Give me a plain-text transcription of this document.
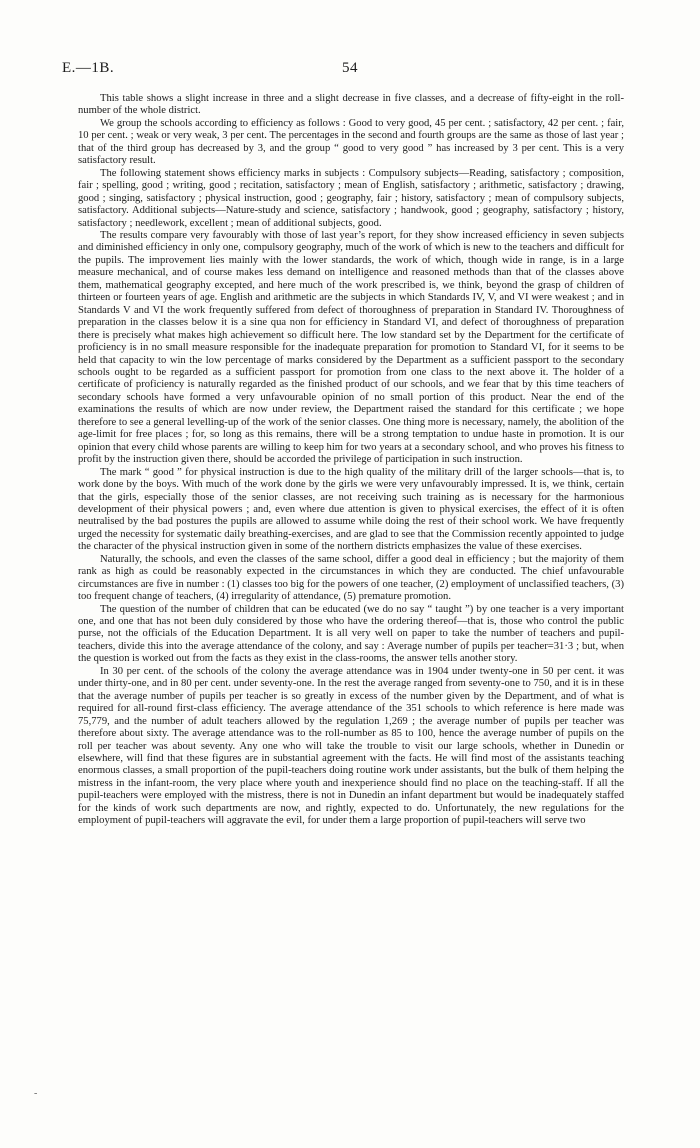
E.—1B.	54

This table shows a slight increase in three and a slight decrease in five classes, and a decrease of fifty-eight in the roll-number of the whole district.

We group the schools according to efficiency as follows : Good to very good, 45 per cent. ; satisfactory, 42 per cent. ; fair, 10 per cent. ; weak or very weak, 3 per cent. The percentages in the second and fourth groups are the same as those of last year ; that of the third group has decreased by 3, and the group “ good to very good ” has increased by 3 per cent. This is a very satisfactory result.

The following statement shows efficiency marks in subjects : Compulsory subjects—Reading, satisfactory ; composition, fair ; spelling, good ; writing, good ; recitation, satisfactory ; mean of English, satisfactory ; arithmetic, satisfactory ; drawing, good ; singing, satisfactory ; physical instruction, good ; geography, fair ; history, satisfactory ; mean of compulsory subjects, satisfactory. Additional subjects—Nature-study and science, satisfactory ; handwook, good ; geography, satisfactory ; history, satisfactory ; needlework, excellent ; mean of additional subjects, good.

The results compare very favourably with those of last year’s report, for they show increased efficiency in seven subjects and diminished efficiency in only one, compulsory geography, much of the work of which is new to the teachers and difficult for the pupils. The improvement lies mainly with the lower standards, the work of which, though wide in range, is in a large measure mechanical, and of course makes less demand on intelligence and reasoned methods than that of the classes above them, mathematical geography excepted, and here much of the work prescribed is, we think, beyond the grasp of children of thirteen or fourteen years of age. English and arithmetic are the subjects in which Standards IV, V, and VI were weakest ; and in Standards V and VI the work frequently suffered from defect of thoroughness of preparation in Standard IV. Thoroughness of preparation in the classes below it is a sine qua non for efficiency in Standard VI, and defect of thoroughness of preparation there is precisely what makes high achievement so difficult here. The low standard set by the Department for the certificate of proficiency is in no small measure responsible for the inadequate preparation for promotion to Standard VI, for it seems to be held that capacity to win the low percentage of marks considered by the Department as a sufficient passport to the secondary schools ought to be regarded as a sufficient passport for promotion from one class to the next above it. The holder of a certificate of proficiency is naturally regarded as the finished product of our schools, and we fear that by this time teachers of secondary schools have formed a very unfavourable opinion of no small portion of this product. Near the end of the examinations the results of which are now under review, the Department raised the standard for this certificate ; we hope therefore to see a general levelling-up of the work of the senior classes. One thing more is necessary, namely, the abolition of the age-limit for free places ; for, so long as this remains, there will be a strong temptation to undue haste in promotion. It is our opinion that every child whose parents are willing to keep him for two years at a secondary school, and who proves his fitness to profit by the instruction given there, should be accorded the privilege of participation in such instruction.

The mark “ good ” for physical instruction is due to the high quality of the military drill of the larger schools—that is, to work done by the boys. With much of the work done by the girls we were very unfavourably impressed. It is, we think, certain that the girls, especially those of the senior classes, are not receiving such training as is necessary for the harmonious development of their physical powers ; and, even where due attention is given to physical exercises, the effect of it is often neutralised by the bad postures the pupils are allowed to assume while doing the rest of their school work. We have frequently urged the necessity for systematic daily breathing-exercises, and are glad to see that the Commission recently appointed to judge the character of the physical instruction given in some of the northern districts emphasizes the value of these exercises.

Naturally, the schools, and even the classes of the same school, differ a good deal in efficiency ; but the majority of them rank as high as could be reasonably expected in the circumstances in which they are conducted. The chief unfavourable circumstances are five in number : (1) classes too big for the powers of one teacher, (2) employment of unclassified teachers, (3) too frequent change of teachers, (4) irregularity of attendance, (5) premature promotion.

The question of the number of children that can be educated (we do no say “ taught ”) by one teacher is a very important one, and one that has not been duly considered by those who have the ordering thereof—that is, those who control the public purse, not the officials of the Education Department. It is all very well on paper to take the number of teachers and pupil-teachers, divide this into the average attendance of the colony, and say : Average number of pupils per teacher=31·3 ; but, when the question is worked out from the facts as they exist in the class-rooms, the answer tells another story.

In 30 per cent. of the schools of the colony the average attendance was in 1904 under twenty-one in 50 per cent. it was under thirty-one, and in 80 per cent. under seventy-one. In the rest the average ranged from seventy-one to 750, and it is in these that the average number of pupils per teacher is so greatly in excess of the number given by the Department, and of what is required for all-round first-class efficiency. The average attendance of the 351 schools to which reference is here made was 75,779, and the number of adult teachers allowed by the regulation 1,269 ; the average number of pupils per teacher was therefore about sixty. The average attendance was to the roll-number as 85 to 100, hence the average number of pupils on the roll per teacher was about seventy. Any one who will take the trouble to visit our large schools, whether in Dunedin or elsewhere, will find that these figures are in substantial agreement with the facts. He will find most of the assistants teaching enormous classes, a small proportion of the pupil-teachers doing routine work under assistants, but the bulk of them helping the mistress in the infant-room, the very place where youth and inexperience should find no place on the teaching-staff. If all the pupil-teachers were employed with the mistress, there is not in Dunedin an infant department but would be inadequately staffed for the kinds of work such departments are now, and rightly, expected to do. Unfortunately, the new regulations for the employment of pupil-teachers will aggravate the evil, for under them a large proportion of pupil-teachers will serve two

-
